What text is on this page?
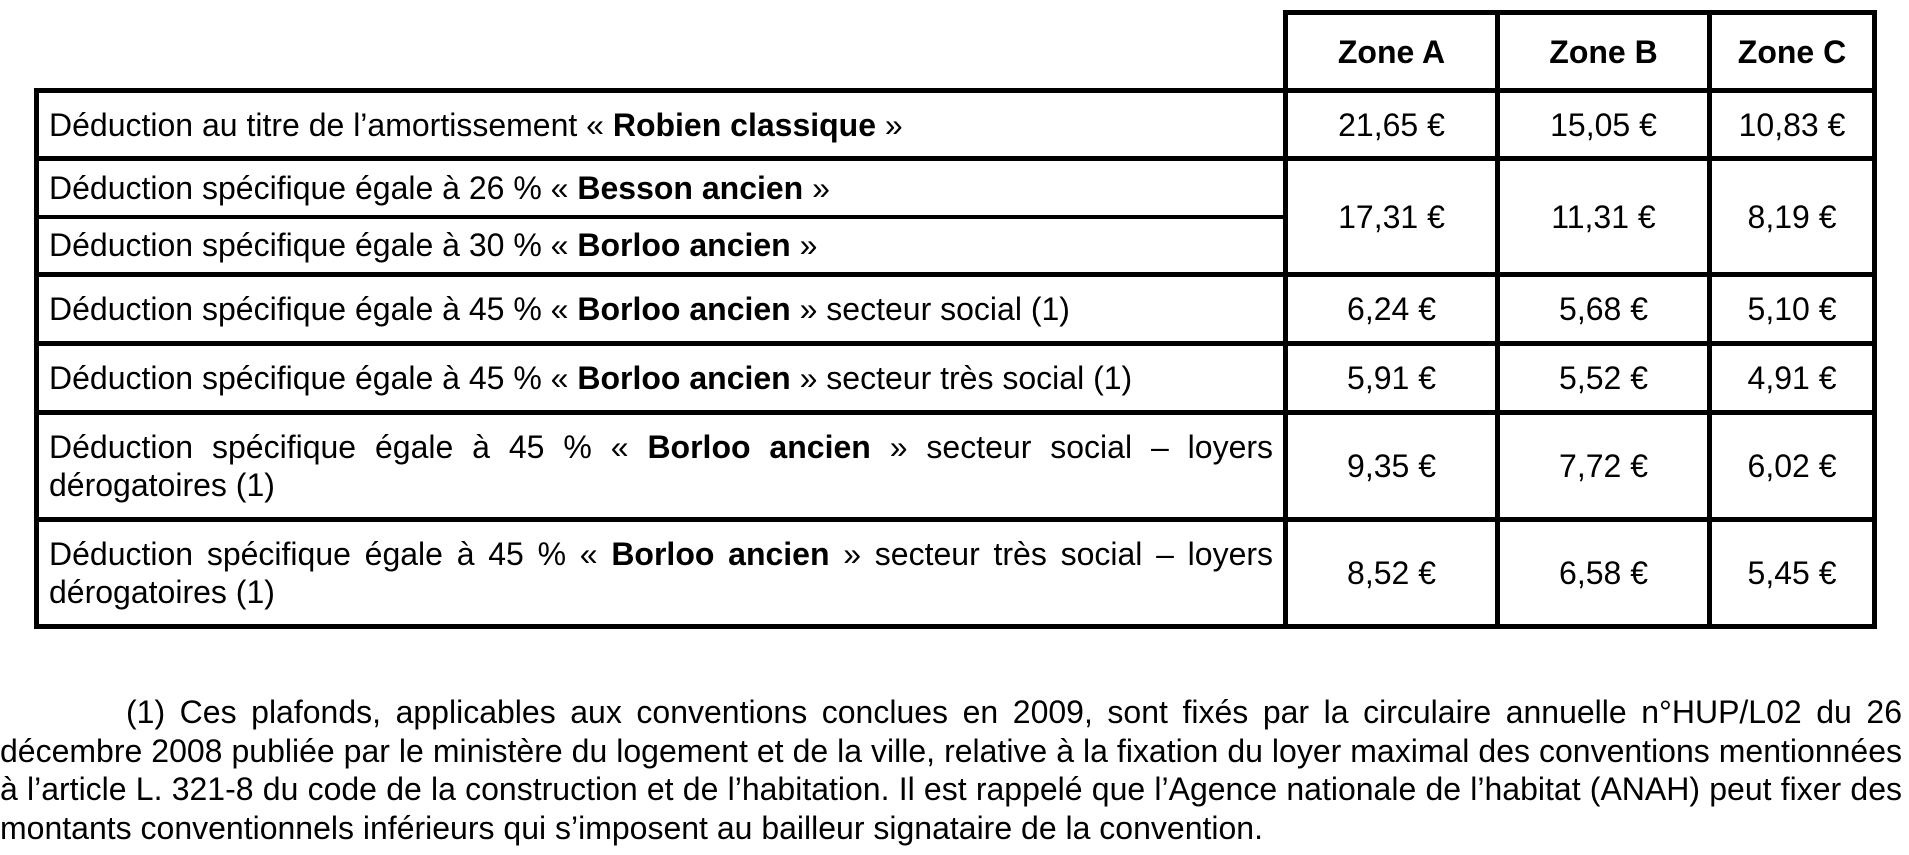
	Zone A	Zone B	Zone C
Déduction au titre de l’amortissement « Robien classique »	21,65 €	15,05 €	10,83 €
Déduction spécifique égale à 26 % « Besson ancien »	17,31 €	11,31 €	8,19 €
Déduction spécifique égale à 30 % « Borloo ancien »			
Déduction spécifique égale à 45 % « Borloo ancien » secteur social (1)	6,24 €	5,68 €	5,10 €
Déduction spécifique égale à 45 % « Borloo ancien » secteur très social (1)	5,91 €	5,52 €	4,91 €
Déduction spécifique égale à 45 % « Borloo ancien » secteur social – loyers dérogatoires (1)	9,35 €	7,72 €	6,02 €
Déduction spécifique égale à 45 % « Borloo ancien » secteur très social – loyers dérogatoires (1)	8,52 €	6,58 €	5,45 €

(1) Ces plafonds, applicables aux conventions conclues en 2009, sont fixés par la circulaire annuelle n°HUP/L02 du 26 décembre 2008 publiée par le ministère du logement et de la ville, relative à la fixation du loyer maximal des conventions mentionnées à l’article L. 321-8 du code de la construction et de l’habitation. Il est rappelé que l’Agence nationale de l’habitat (ANAH) peut fixer des montants conventionnels inférieurs qui s’imposent au bailleur signataire de la convention.
